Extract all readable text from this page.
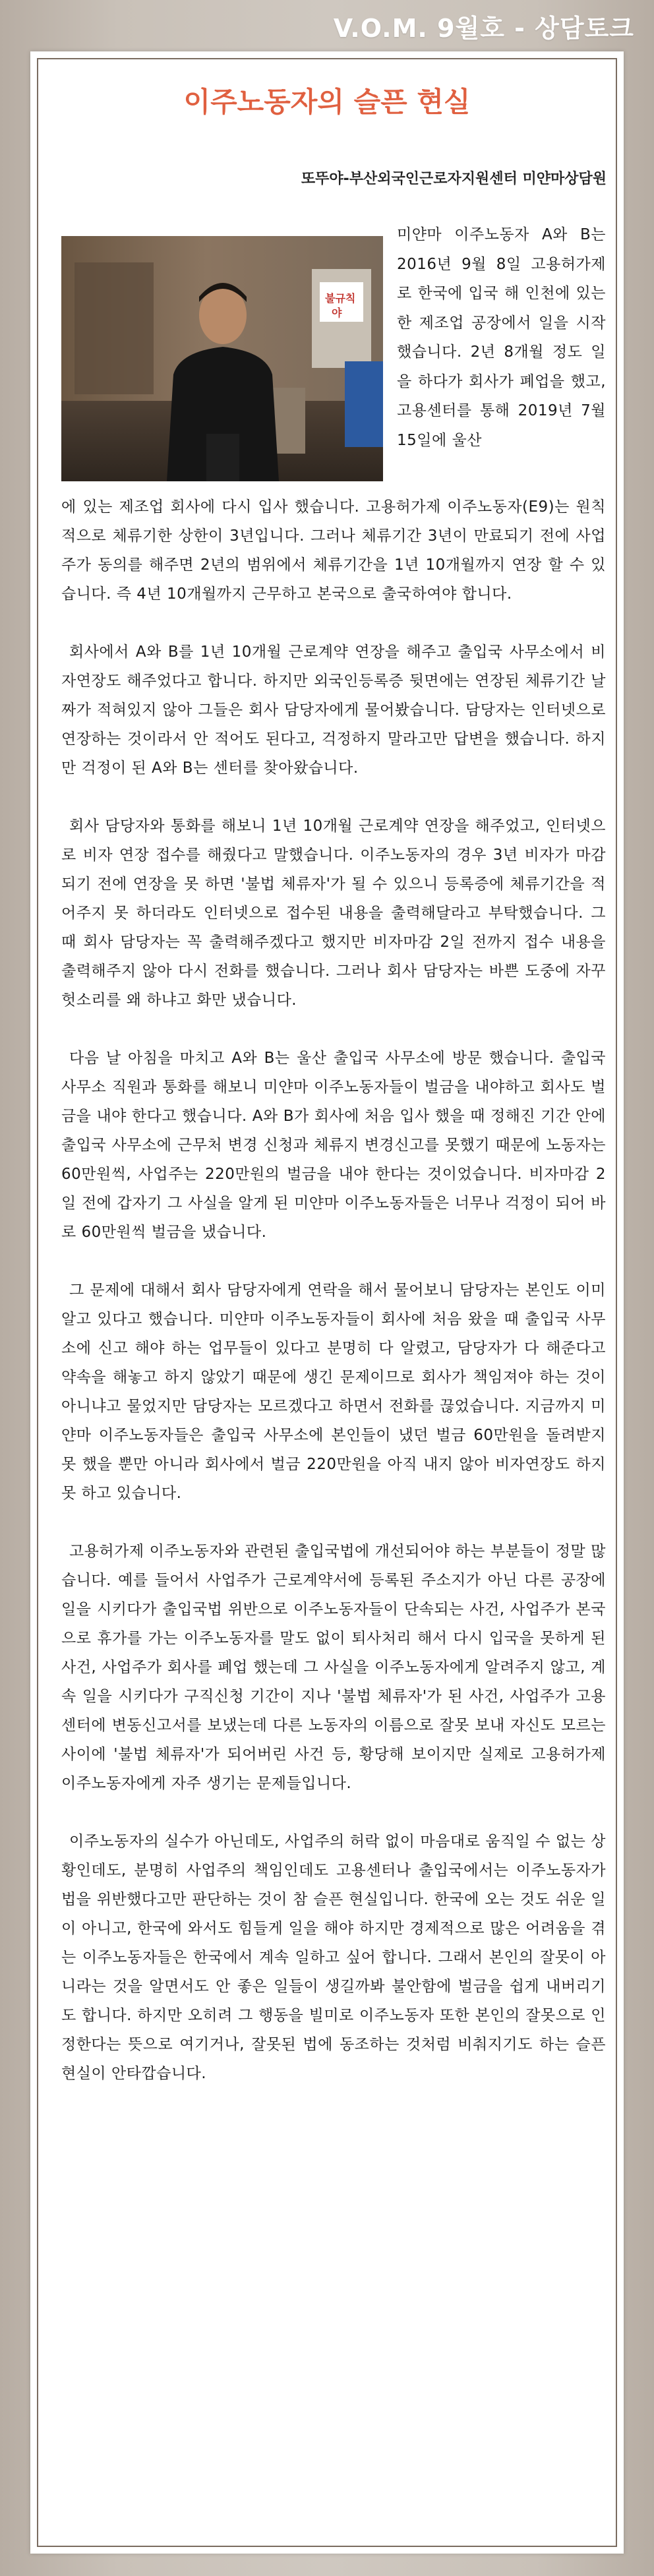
V.O.M. 9월호 - 상담토크
이주노동자의 슬픈 현실
또뚜야-부산외국인근로자지원센터 미얀마상담원
불규칙
야

미얀마 이주노동자 A와 B는 2016년 9월 8일 고용허가제로 한국에 입국 해 인천에 있는 한 제조업 공장에서 일을 시작 했습니다. 2년 8개월 정도 일을 하다가 회사가 폐업을 했고, 고용센터를 통해 2019년 7월 15일에 울산

에 있는 제조업 회사에 다시 입사 했습니다. 고용허가제 이주노동자(E9)는 원칙적으로 체류기한 상한이 3년입니다. 그러나 체류기간 3년이 만료되기 전에 사업주가 동의를 해주면 2년의 범위에서 체류기간을 1년 10개월까지 연장 할 수 있습니다. 즉 4년 10개월까지 근무하고 본국으로 출국하여야 합니다.

회사에서 A와 B를 1년 10개월 근로계약 연장을 해주고 출입국 사무소에서 비자연장도 해주었다고 합니다. 하지만 외국인등록증 뒷면에는 연장된 체류기간 날짜가 적혀있지 않아 그들은 회사 담당자에게 물어봤습니다. 담당자는 인터넷으로 연장하는 것이라서 안 적어도 된다고, 걱정하지 말라고만 답변을 했습니다. 하지만 걱정이 된 A와 B는 센터를 찾아왔습니다.

회사 담당자와 통화를 해보니 1년 10개월 근로계약 연장을 해주었고, 인터넷으로 비자 연장 접수를 해줬다고 말했습니다. 이주노동자의 경우 3년 비자가 마감되기 전에 연장을 못 하면 '불법 체류자'가 될 수 있으니 등록증에 체류기간을 적어주지 못 하더라도 인터넷으로 접수된 내용을 출력해달라고 부탁했습니다. 그 때 회사 담당자는 꼭 출력해주겠다고 했지만 비자마감 2일 전까지 접수 내용을 출력해주지 않아 다시 전화를 했습니다. 그러나 회사 담당자는 바쁜 도중에 자꾸 헛소리를 왜 하냐고 화만 냈습니다.

다음 날 아침을 마치고 A와 B는 울산 출입국 사무소에 방문 했습니다. 출입국 사무소 직원과 통화를 해보니 미얀마 이주노동자들이 벌금을 내야하고 회사도 벌금을 내야 한다고 했습니다. A와 B가 회사에 처음 입사 했을 때 정해진 기간 안에 출입국 사무소에 근무처 변경 신청과 체류지 변경신고를 못했기 때문에 노동자는 60만원씩, 사업주는 220만원의 벌금을 내야 한다는 것이었습니다. 비자마감 2일 전에 갑자기 그 사실을 알게 된 미얀마 이주노동자들은 너무나 걱정이 되어 바로 60만원씩 벌금을 냈습니다.

그 문제에 대해서 회사 담당자에게 연락을 해서 물어보니 담당자는 본인도 이미 알고 있다고 했습니다. 미얀마 이주노동자들이 회사에 처음 왔을 때 출입국 사무소에 신고 해야 하는 업무들이 있다고 분명히 다 알렸고, 담당자가 다 해준다고 약속을 해놓고 하지 않았기 때문에 생긴 문제이므로 회사가 책임져야 하는 것이 아니냐고 물었지만 담당자는 모르겠다고 하면서 전화를 끊었습니다. 지금까지 미얀마 이주노동자들은 출입국 사무소에 본인들이 냈던 벌금 60만원을 돌려받지 못 했을 뿐만 아니라 회사에서 벌금 220만원을 아직 내지 않아 비자연장도 하지 못 하고 있습니다.

고용허가제 이주노동자와 관련된 출입국법에 개선되어야 하는 부분들이 정말 많습니다. 예를 들어서 사업주가 근로계약서에 등록된 주소지가 아닌 다른 공장에 일을 시키다가 출입국법 위반으로 이주노동자들이 단속되는 사건, 사업주가 본국으로 휴가를 가는 이주노동자를 말도 없이 퇴사처리 해서 다시 입국을 못하게 된 사건, 사업주가 회사를 폐업 했는데 그 사실을 이주노동자에게 알려주지 않고, 계속 일을 시키다가 구직신청 기간이 지나 '불법 체류자'가 된 사건, 사업주가 고용센터에 변동신고서를 보냈는데 다른 노동자의 이름으로 잘못 보내 자신도 모르는 사이에 '불법 체류자'가 되어버린 사건 등, 황당해 보이지만 실제로 고용허가제 이주노동자에게 자주 생기는 문제들입니다.

이주노동자의 실수가 아닌데도, 사업주의 허락 없이 마음대로 움직일 수 없는 상황인데도, 분명히 사업주의 책임인데도 고용센터나 출입국에서는 이주노동자가 법을 위반했다고만 판단하는 것이 참 슬픈 현실입니다. 한국에 오는 것도 쉬운 일이 아니고, 한국에 와서도 힘들게 일을 해야 하지만 경제적으로 많은 어려움을 겪는 이주노동자들은 한국에서 계속 일하고 싶어 합니다. 그래서 본인의 잘못이 아니라는 것을 알면서도 안 좋은 일들이 생길까봐 불안함에 벌금을 쉽게 내버리기도 합니다. 하지만 오히려 그 행동을 빌미로 이주노동자 또한 본인의 잘못으로 인정한다는 뜻으로 여기거나, 잘못된 법에 동조하는 것처럼 비춰지기도 하는 슬픈 현실이 안타깝습니다.
